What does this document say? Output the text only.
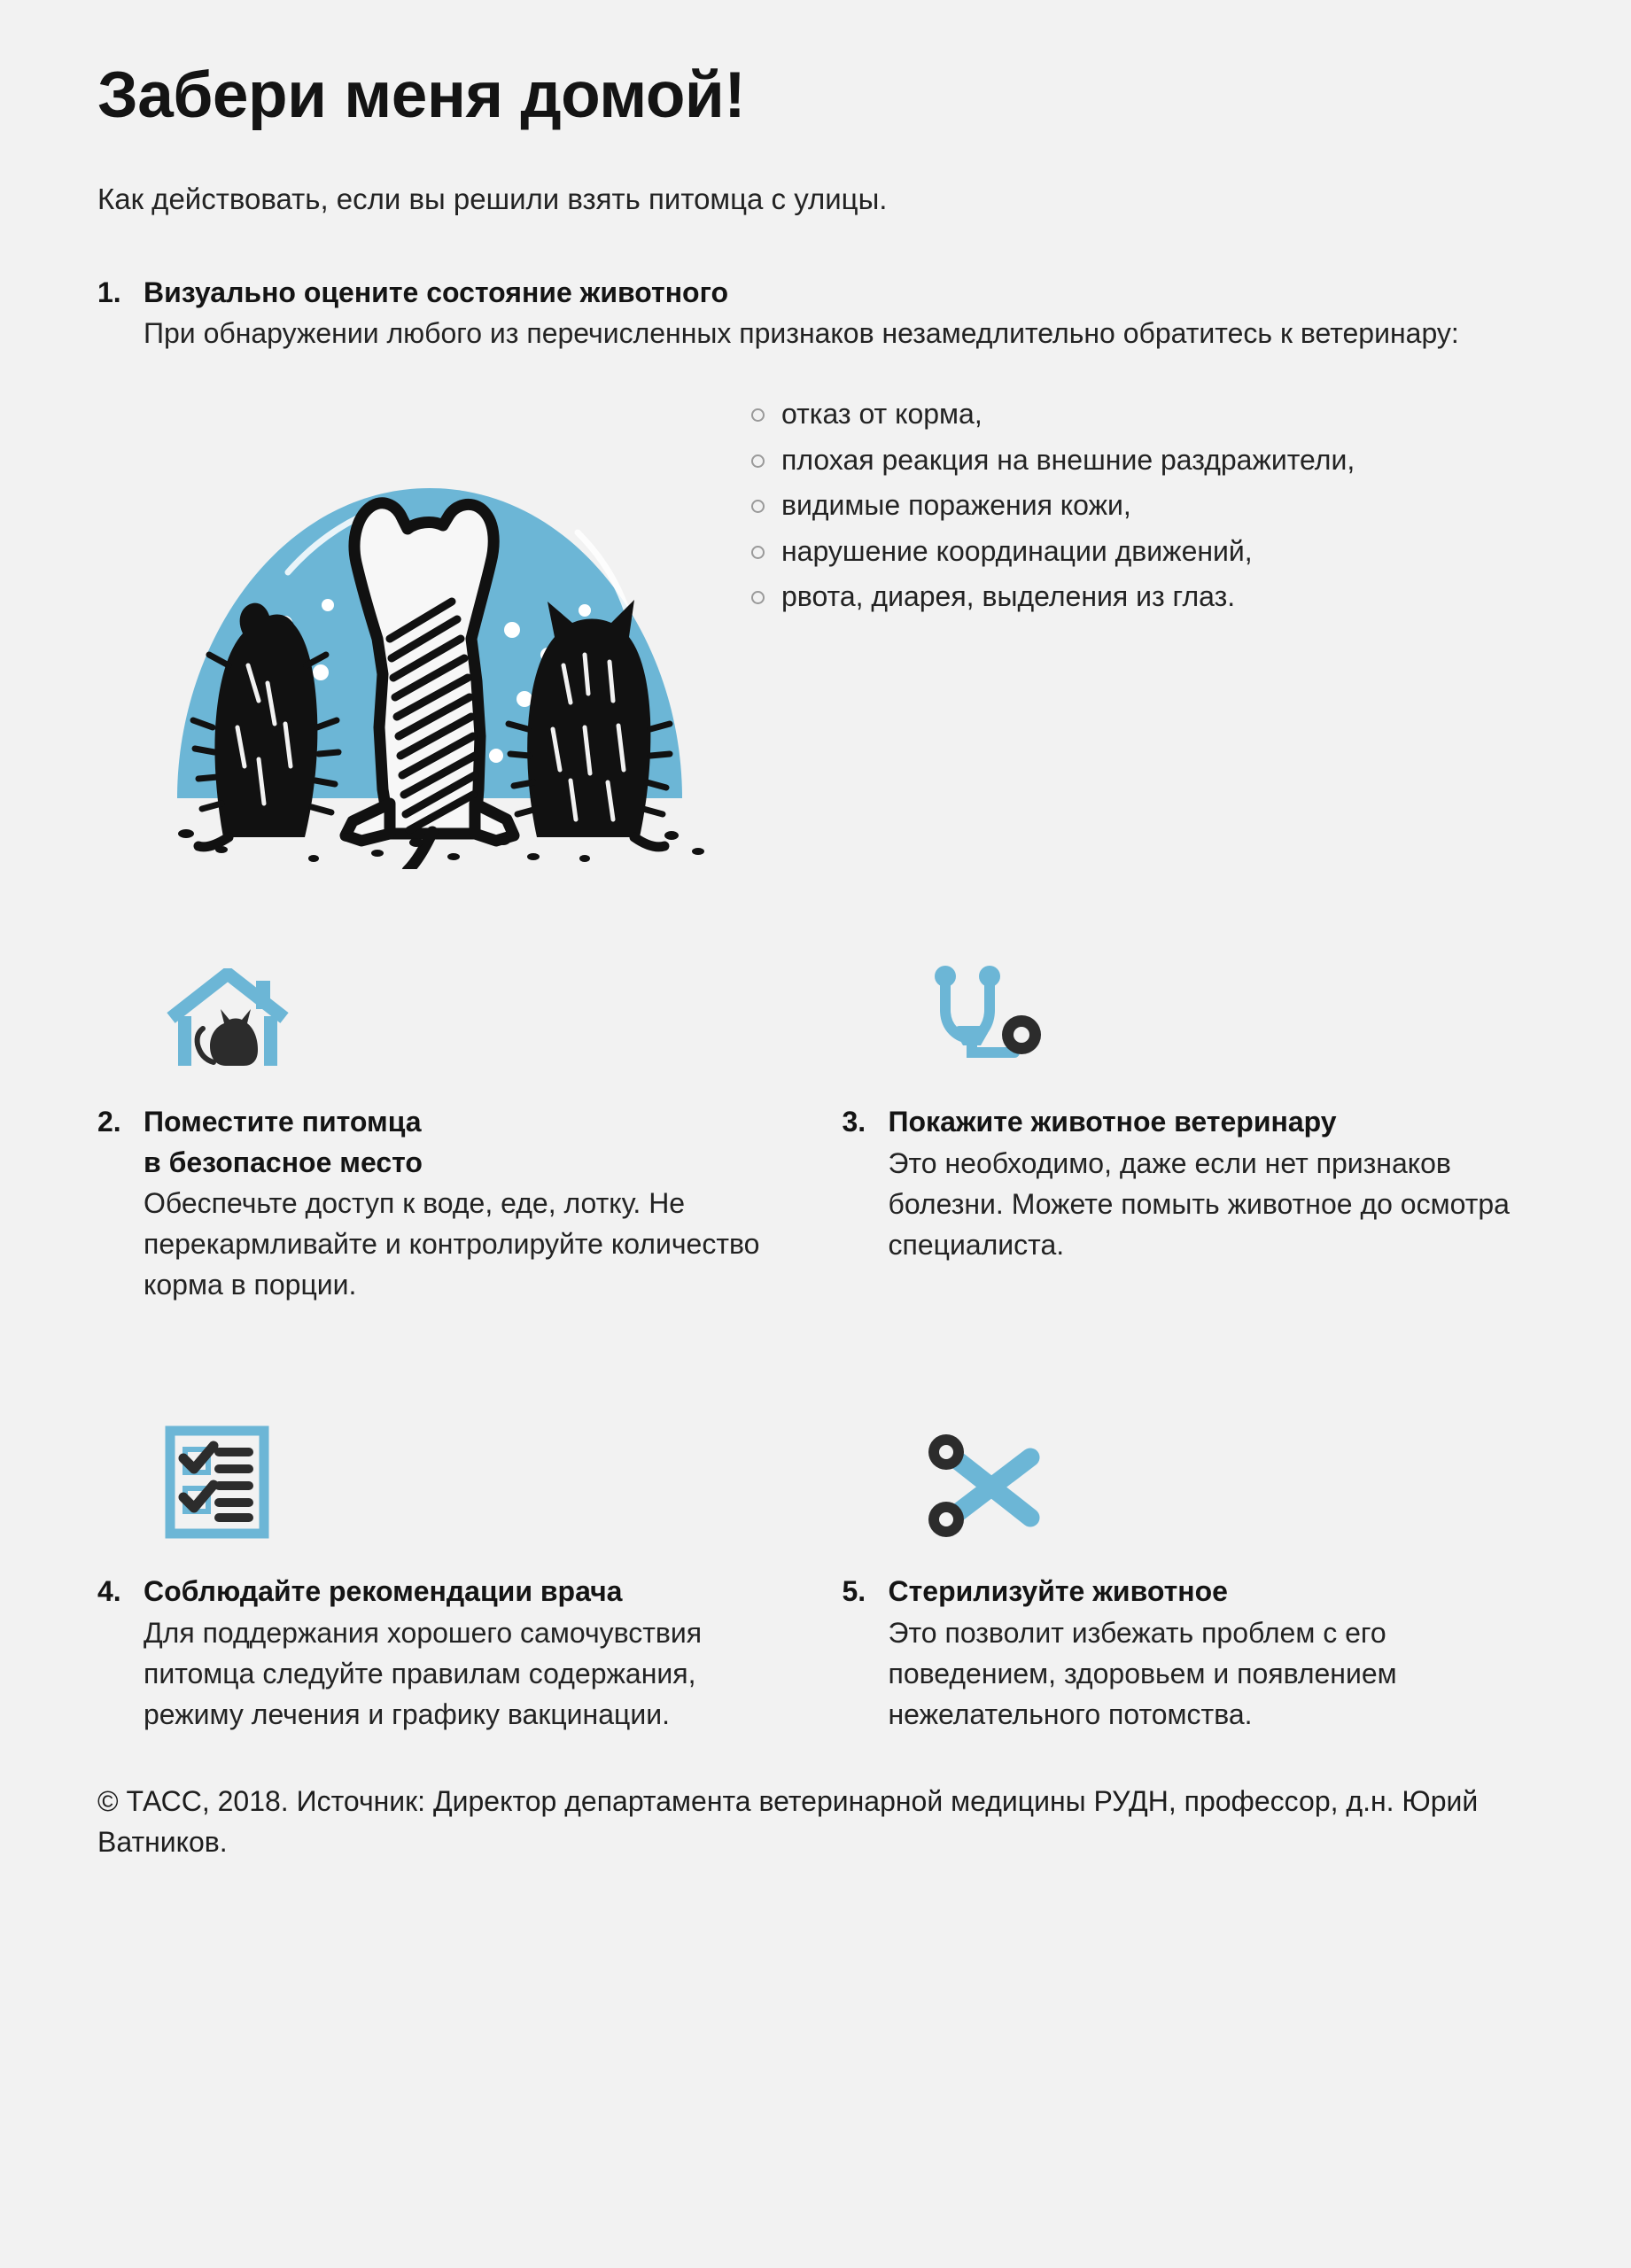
Забери меня домой!

Как действовать, если вы решили взять питомца с улицы.

1. Визуально оцените состояние животного
При обнаружении любого из перечисленных признаков незамедлительно обратитесь к ветеринару:
отказ от корма,
плохая реакция на внешние раздражители,
видимые поражения кожи,
нарушение координации движений,
рвота, диарея, выделения из глаз.
2. Поместите питомца
в безопасное место
Обеспечьте доступ к воде, еде, лотку. Не перекармливайте и контролируйте количество корма в порции.
3. Покажите животное ветеринару
Это необходимо, даже если нет признаков болезни. Можете помыть животное до осмотра специалиста.
4. Соблюдайте рекомендации врача
Для поддержания хорошего самочувствия питомца следуйте правилам содержания, режиму лечения и графику вакцинации.
5. Стерилизуйте животное
Это позволит избежать проблем с его поведением, здоровьем и появлением нежелательного потомства.

© ТАСС, 2018. Источник: Директор департамента ветеринарной медицины РУДН, профессор, д.н. Юрий Ватников.
